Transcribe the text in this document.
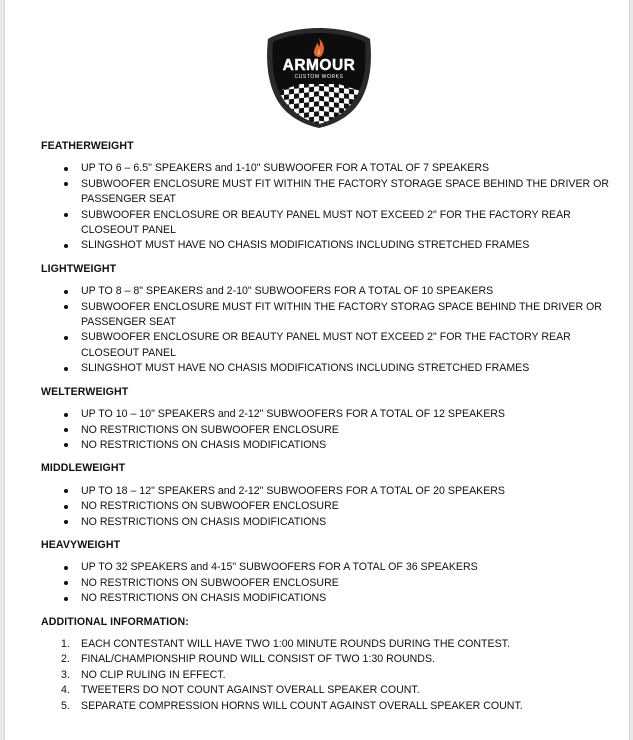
ARMOUR
CUSTOM WORKS

FEATHERWEIGHT

UP TO 6 – 6.5" SPEAKERS and 1-10" SUBWOOFER FOR A TOTAL OF 7 SPEAKERS
SUBWOOFER ENCLOSURE MUST FIT WITHIN THE FACTORY STORAGE SPACE BEHIND THE DRIVER OR PASSENGER SEAT
SUBWOOFER ENCLOSURE OR BEAUTY PANEL MUST NOT EXCEED 2" FOR THE FACTORY REAR CLOSEOUT PANEL
SLINGSHOT MUST HAVE NO CHASIS MODIFICATIONS INCLUDING STRETCHED FRAMES

LIGHTWEIGHT

UP TO 8 – 8" SPEAKERS and 2-10" SUBWOOFERS FOR A TOTAL OF 10 SPEAKERS
SUBWOOFER ENCLOSURE MUST FIT WITHIN THE FACTORY STORAG SPACE BEHIND THE DRIVER OR PASSENGER SEAT
SUBWOOFER ENCLOSURE OR BEAUTY PANEL MUST NOT EXCEED 2" FOR THE FACTORY REAR CLOSEOUT PANEL
SLINGSHOT MUST HAVE NO CHASIS MODIFICATIONS INCLUDING STRETCHED FRAMES

WELTERWEIGHT

UP TO 10 – 10" SPEAKERS and 2-12" SUBWOOFERS FOR A TOTAL OF 12 SPEAKERS
NO RESTRICTIONS ON SUBWOOFER ENCLOSURE
NO RESTRICTIONS ON CHASIS MODIFICATIONS

MIDDLEWEIGHT

UP TO 18 – 12" SPEAKERS and 2-12" SUBWOOFERS FOR A TOTAL OF 20 SPEAKERS
NO RESTRICTIONS ON SUBWOOFER ENCLOSURE
NO RESTRICTIONS ON CHASIS MODIFICATIONS

HEAVYWEIGHT

UP TO 32 SPEAKERS and 4-15" SUBWOOFERS FOR A TOTAL OF 36 SPEAKERS
NO RESTRICTIONS ON SUBWOOFER ENCLOSURE
NO RESTRICTIONS ON CHASIS MODIFICATIONS

ADDITIONAL INFORMATION:

1. EACH CONTESTANT WILL HAVE TWO 1:00 MINUTE ROUNDS DURING THE CONTEST.
2. FINAL/CHAMPIONSHIP ROUND WILL CONSIST OF TWO 1:30 ROUNDS.
3. NO CLIP RULING IN EFFECT.
4. TWEETERS DO NOT COUNT AGAINST OVERALL SPEAKER COUNT.
5. SEPARATE COMPRESSION HORNS WILL COUNT AGAINST OVERALL SPEAKER COUNT.
